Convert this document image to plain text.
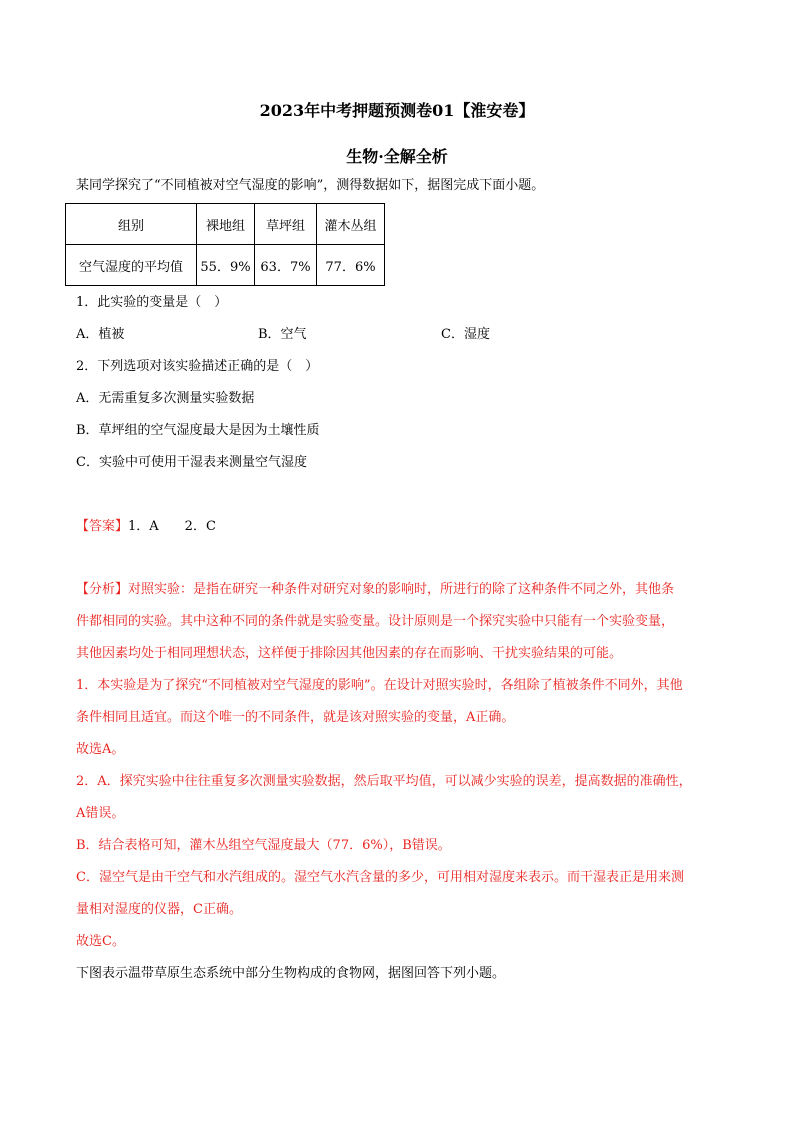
2023年中考押题预测卷01【淮安卷】
生物·全解全析
某同学探究了“不同植被对空气湿度的影响”，测得数据如下，据图完成下面小题。
组别	裸地组	草坪组	灌木丛组
空气湿度的平均值	55．9%	63．7%	77．6%
1．此实验的变量是（　）
A．植被	B．空气	C．湿度
2．下列选项对该实验描述正确的是（　）
A．无需重复多次测量实验数据
B．草坪组的空气湿度最大是因为土壤性质
C．实验中可使用干湿表来测量空气湿度
【答案】1．A　　2．C
【分析】对照实验：是指在研究一种条件对研究对象的影响时，所进行的除了这种条件不同之外，其他条
件都相同的实验。其中这种不同的条件就是实验变量。设计原则是一个探究实验中只能有一个实验变量，
其他因素均处于相同理想状态，这样便于排除因其他因素的存在而影响、干扰实验结果的可能。
1．本实验是为了探究“不同植被对空气湿度的影响”。在设计对照实验时，各组除了植被条件不同外，其他
条件相同且适宜。而这个唯一的不同条件，就是该对照实验的变量，A正确。
故选A。
2．A．探究实验中往往重复多次测量实验数据，然后取平均值，可以减少实验的误差，提高数据的准确性，
A错误。
B．结合表格可知，灌木丛组空气湿度最大（77．6%），B错误。
C．湿空气是由干空气和水汽组成的。湿空气水汽含量的多少，可用相对湿度来表示。而干湿表正是用来测
量相对湿度的仪器，C正确。
故选C。
下图表示温带草原生态系统中部分生物构成的食物网，据图回答下列小题。
